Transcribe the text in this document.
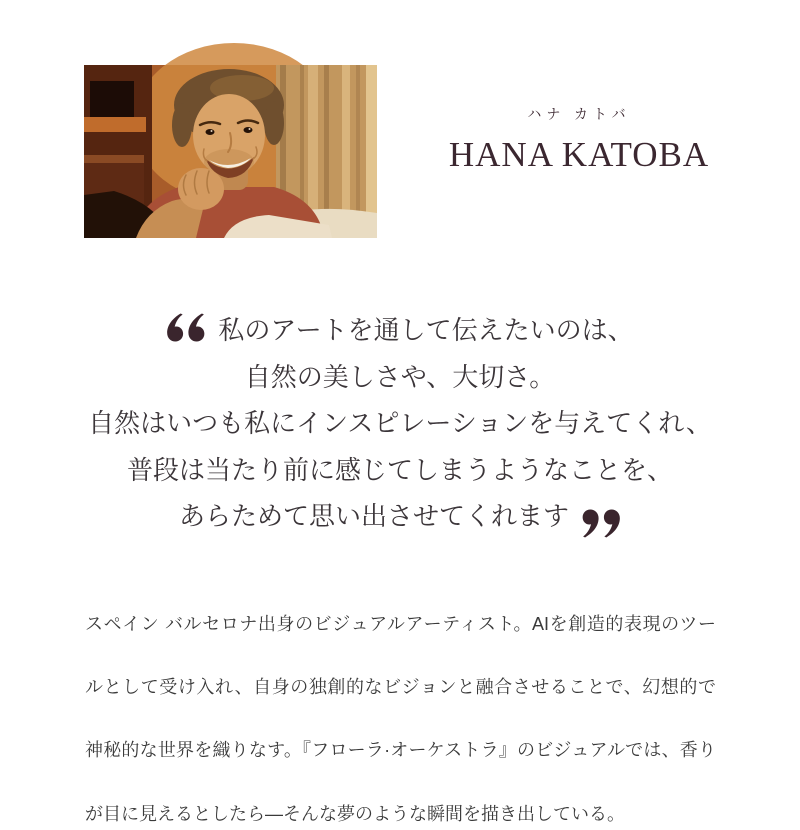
ハナ カトバ
HANA KATOBA
私のアートを通して伝えたいのは、
自然の美しさや、大切さ。
自然はいつも私にインスピレーションを与えてくれ、
普段は当たり前に感じてしまうようなことを、
あらためて思い出させてくれます
スペイン バルセロナ出身のビジュアルアーティスト。AIを創造的表現のツー
ルとして受け入れ、自身の独創的なビジョンと融合させることで、幻想的で
神秘的な世界を織りなす。『フローラ·オーケストラ』のビジュアルでは、香り
が目に見えるとしたら—そんな夢のような瞬間を描き出している。
